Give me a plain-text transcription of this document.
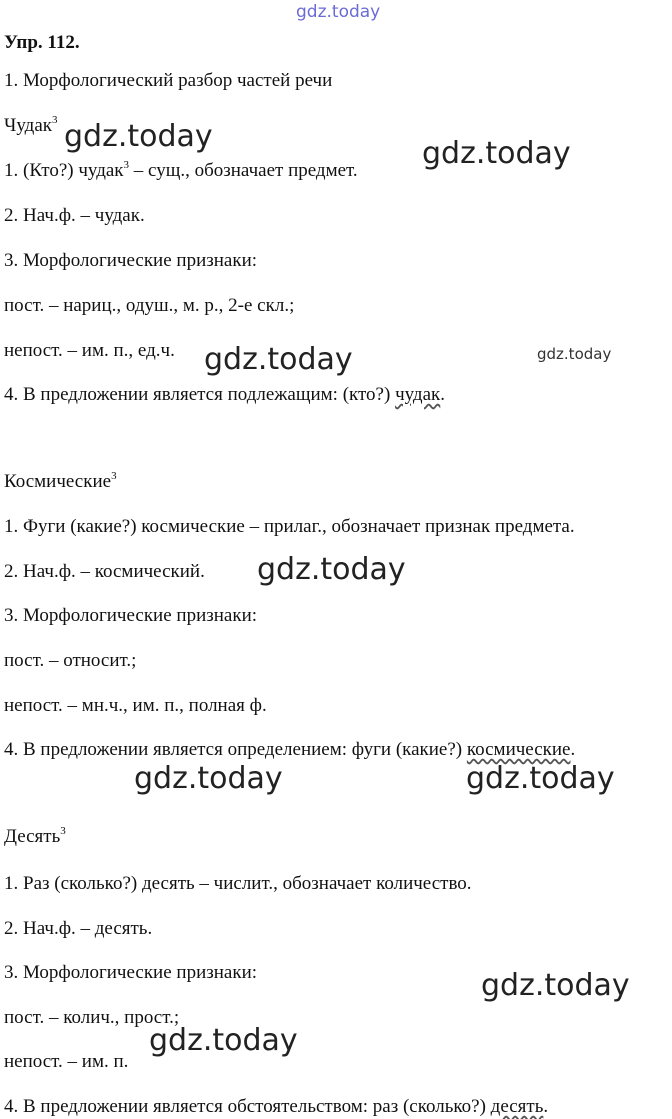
Упр. 112.
1. Морфологический разбор частей речи
Чудак$^3$
1. (Кто?) чудак$^3$ – сущ., обозначает предмет.
2. Нач.ф. – чудак.
3. Морфологические признаки:
пост. – нариц., одуш., м. р., 2-е скл.;
непост. – им. п., ед.ч.
4. В предложении является подлежащим: (кто?) чудак.
Космические$^3$
1. Фуги (какие?) космические – прилаг., обозначает признак предмета.
2. Нач.ф. – космический.
3. Морфологические признаки:
пост. – относит.;
непост. – мн.ч., им. п., полная ф.
4. В предложении является определением: фуги (какие?) космические.
Десять$^3$
1. Раз (сколько?) десять – числит., обозначает количество.
2. Нач.ф. – десять.
3. Морфологические признаки:
пост. – колич., прост.;
непост. – им. п.
4. В предложении является обстоятельством: раз (сколько?) десять.
gdz.today
gdz.today	gdz.today
gdz.today	gdz.today
gdz.today
gdz.today	gdz.today
gdz.today
gdz.today
